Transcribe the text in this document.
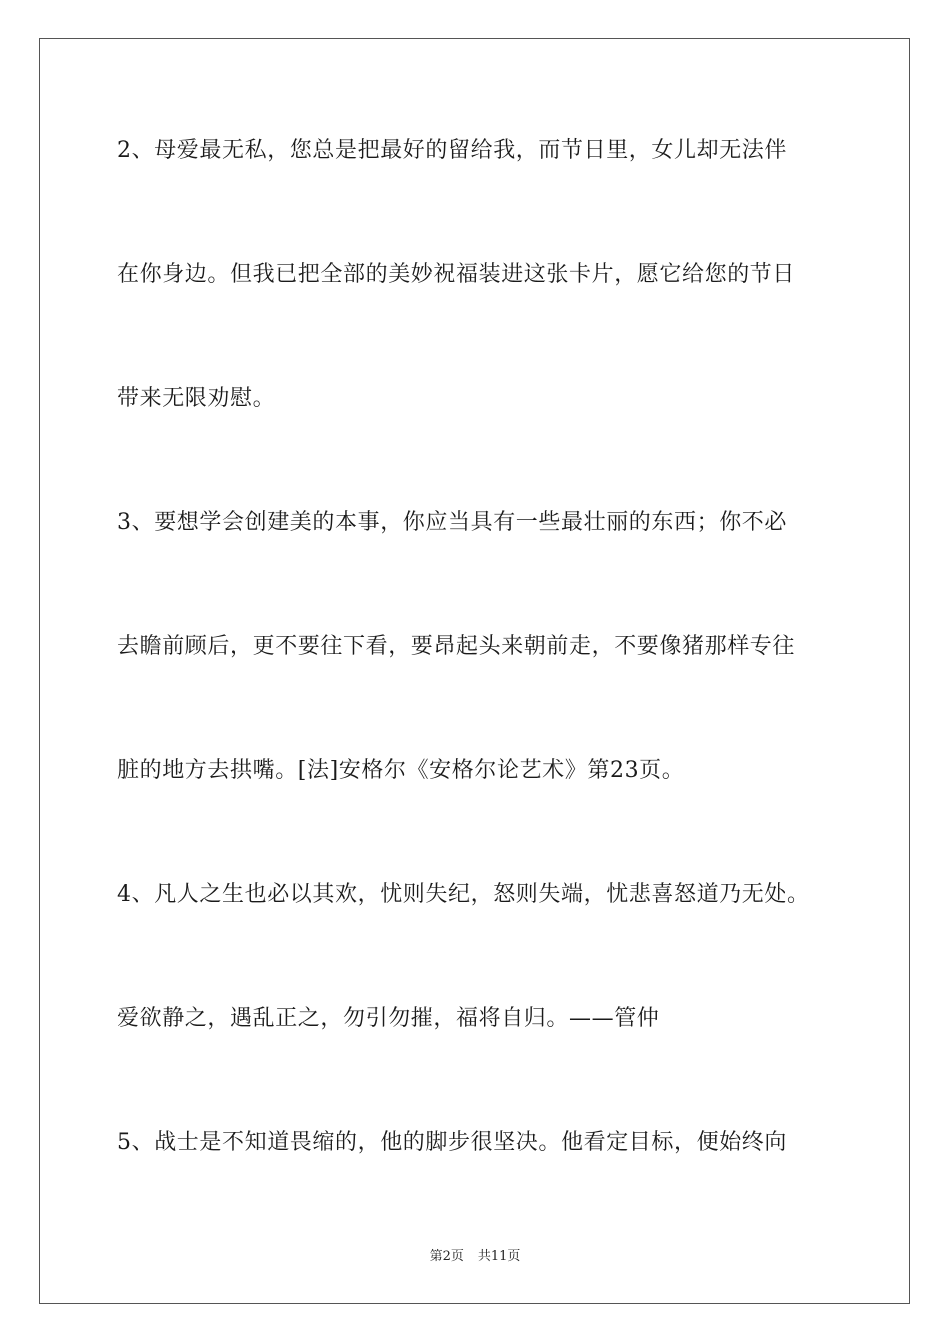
2、母爱最无私，您总是把最好的留给我，而节日里，女儿却无法伴
在你身边。但我已把全部的美妙祝福装进这张卡片，愿它给您的节日
带来无限劝慰。
3、要想学会创建美的本事，你应当具有一些最壮丽的东西；你不必
去瞻前顾后，更不要往下看，要昂起头来朝前走，不要像猪那样专往
脏的地方去拱嘴。[法]安格尔《安格尔论艺术》第23页。
4、凡人之生也必以其欢，忧则失纪，怒则失端，忧悲喜怒道乃无处。
爱欲静之，遇乱正之，勿引勿摧，福将自归。——管仲
5、战士是不知道畏缩的，他的脚步很坚决。他看定目标，便始终向
第2页 共11页
